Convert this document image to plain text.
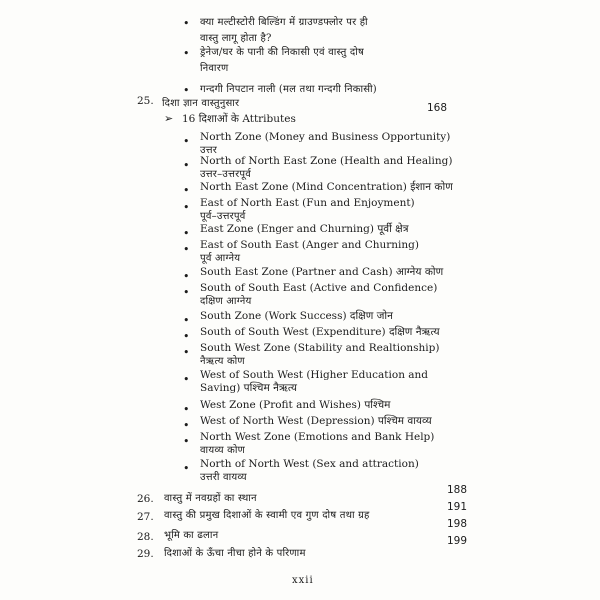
• क्या मल्टीस्टोरी बिल्डिंग में ग्राउण्डफ्लोर पर ही
वास्तु लागू होता है?
• ड्रेनेज/घर के पानी की निकासी एवं वास्तु दोष
निवारण
• गन्दगी निपटान नाली (मल तथा गन्दगी निकासी)
25. दिशा ज्ञान वास्तुनुसार	168
➢ 16 दिशाओं के Attributes
• North Zone (Money and Business Opportunity)
उत्तर
• North of North East Zone (Health and Healing)
उत्तर–उत्तरपूर्व
• North East Zone (Mind Concentration) ईशान कोण
• East of North East (Fun and Enjoyment)
पूर्व–उत्तरपूर्व
• East Zone (Enger and Churning) पूर्वी क्षेत्र
• East of South East (Anger and Churning)
पूर्व आग्नेय
• South East Zone (Partner and Cash) आग्नेय कोण
• South of South East (Active and Confidence)
दक्षिण आग्नेय
• South Zone (Work Success) दक्षिण जोन
• South of South West (Expenditure) दक्षिण नैऋत्य
• South West Zone (Stability and Realtionship)
नैऋत्य कोण
• West of South West (Higher Education and
Saving) पश्चिम नैऋत्य
• West Zone (Profit and Wishes) पश्चिम
• West of North West (Depression) पश्चिम वायव्य
• North West Zone (Emotions and Bank Help)
वायव्य कोण
• North of North West (Sex and attraction)
उत्तरी वायव्य
26. वास्तु में नवग्रहों का स्थान
188
27. वास्तु की प्रमुख दिशाओं के स्वामी एव गुण दोष तथा ग्रह
191
28. भूमि का ढलान
198
29. दिशाओं के ऊँचा नीचा होने के परिणाम
199
xxii
